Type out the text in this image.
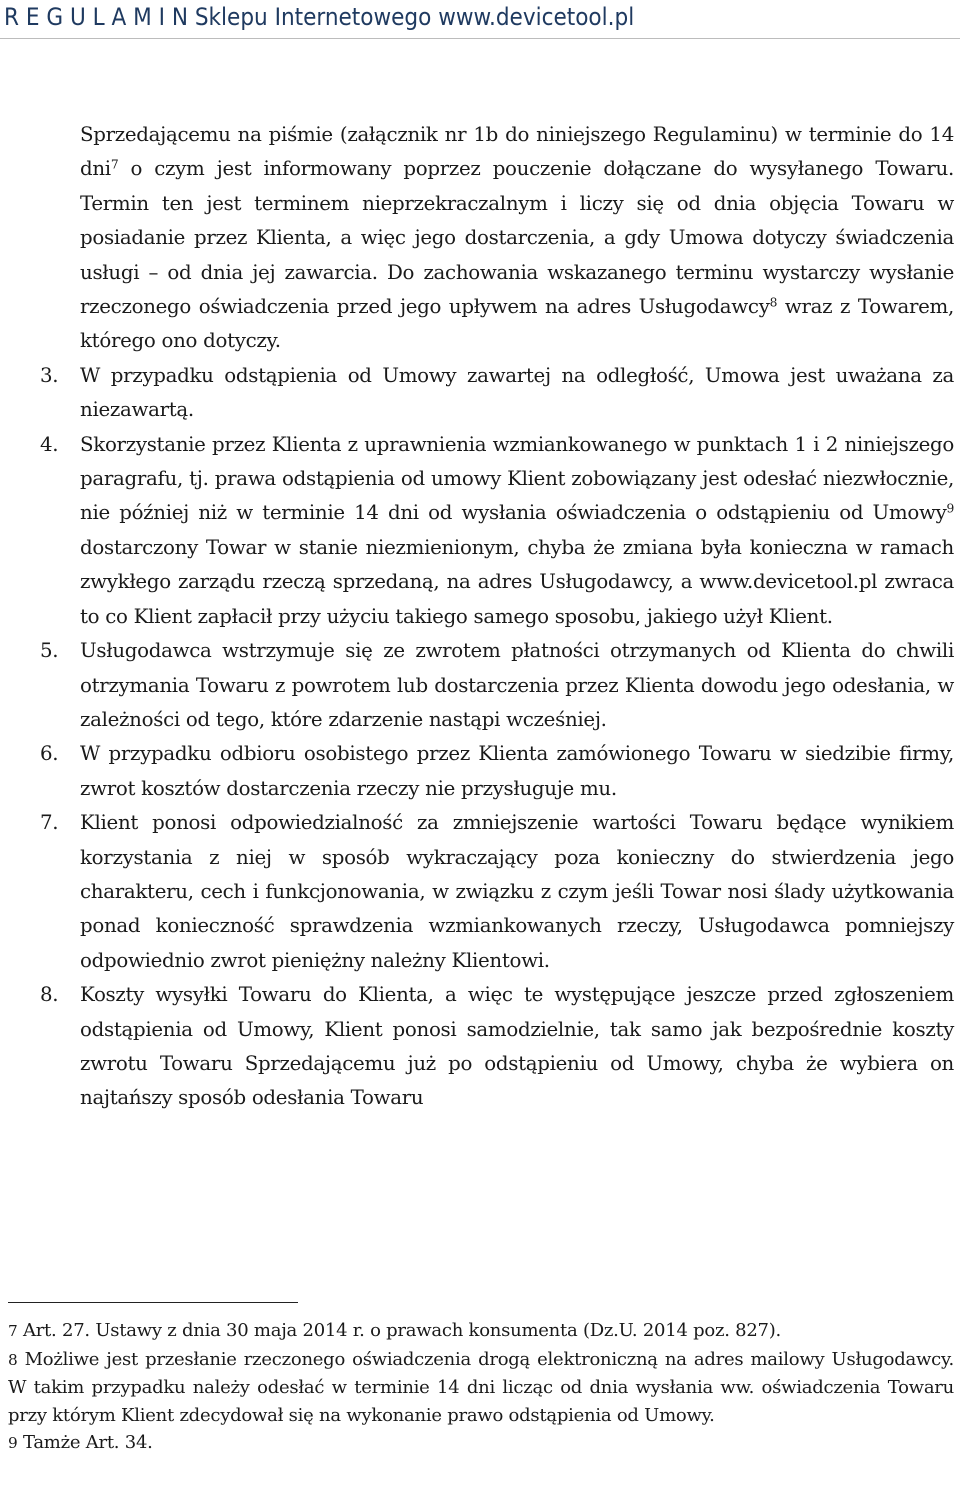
R E G U L A M I N Sklepu Internetowego www.devicetool.pl

Sprzedającemu na piśmie (załącznik nr 1b do niniejszego Regulaminu) w terminie do 14 dni$^7$ o czym jest informowany poprzez pouczenie dołączane do wysyłanego Towaru. Termin ten jest terminem nieprzekraczalnym i liczy się od dnia objęcia Towaru w posiadanie przez Klienta, a więc jego dostarczenia, a gdy Umowa dotyczy świadczenia usługi – od dnia jej zawarcia. Do zachowania wskazanego terminu wystarczy wysłanie rzeczonego oświadczenia przed jego upływem na adres Usługodawcy$^8$ wraz z Towarem, którego ono dotyczy.

3.	W przypadku odstąpienia od Umowy zawartej na odległość, Umowa jest uważana za niezawartą.
4.	Skorzystanie przez Klienta z uprawnienia wzmiankowanego w punktach 1 i 2 niniejszego paragrafu, tj. prawa odstąpienia od umowy Klient zobowiązany jest odesłać niezwłocznie, nie później niż w terminie 14 dni od wysłania oświadczenia o odstąpieniu od Umowy$^9$ dostarczony Towar w stanie niezmienionym, chyba że zmiana była konieczna w ramach zwykłego zarządu rzeczą sprzedaną, na adres Usługodawcy, a www.devicetool.pl zwraca to co Klient zapłacił przy użyciu takiego samego sposobu, jakiego użył Klient.
5.	Usługodawca wstrzymuje się ze zwrotem płatności otrzymanych od Klienta do chwili otrzymania Towaru z powrotem lub dostarczenia przez Klienta dowodu jego odesłania, w zależności od tego, które zdarzenie nastąpi wcześniej.
6.	W przypadku odbioru osobistego przez Klienta zamówionego Towaru w siedzibie firmy, zwrot kosztów dostarczenia rzeczy nie przysługuje mu.
7.	Klient ponosi odpowiedzialność za zmniejszenie wartości Towaru będące wynikiem korzystania z niej w sposób wykraczający poza konieczny do stwierdzenia jego charakteru, cech i funkcjonowania, w związku z czym jeśli Towar nosi ślady użytkowania ponad konieczność sprawdzenia wzmiankowanych rzeczy, Usługodawca pomniejszy odpowiednio zwrot pieniężny należny Klientowi.
8.	Koszty wysyłki Towaru do Klienta, a więc te występujące jeszcze przed zgłoszeniem odstąpienia od Umowy, Klient ponosi samodzielnie, tak samo jak bezpośrednie koszty zwrotu Towaru Sprzedającemu już po odstąpieniu od Umowy, chyba że wybiera on najtańszy sposób odesłania Towaru

7 Art. 27. Ustawy z dnia 30 maja 2014 r. o prawach konsumenta (Dz.U. 2014 poz. 827).

8 Możliwe jest przesłanie rzeczonego oświadczenia drogą elektroniczną na adres mailowy Usługodawcy. W takim przypadku należy odesłać w terminie 14 dni licząc od dnia wysłania ww. oświadczenia Towaru przy którym Klient zdecydował się na wykonanie prawo odstąpienia od Umowy.

9 Tamże Art. 34.
